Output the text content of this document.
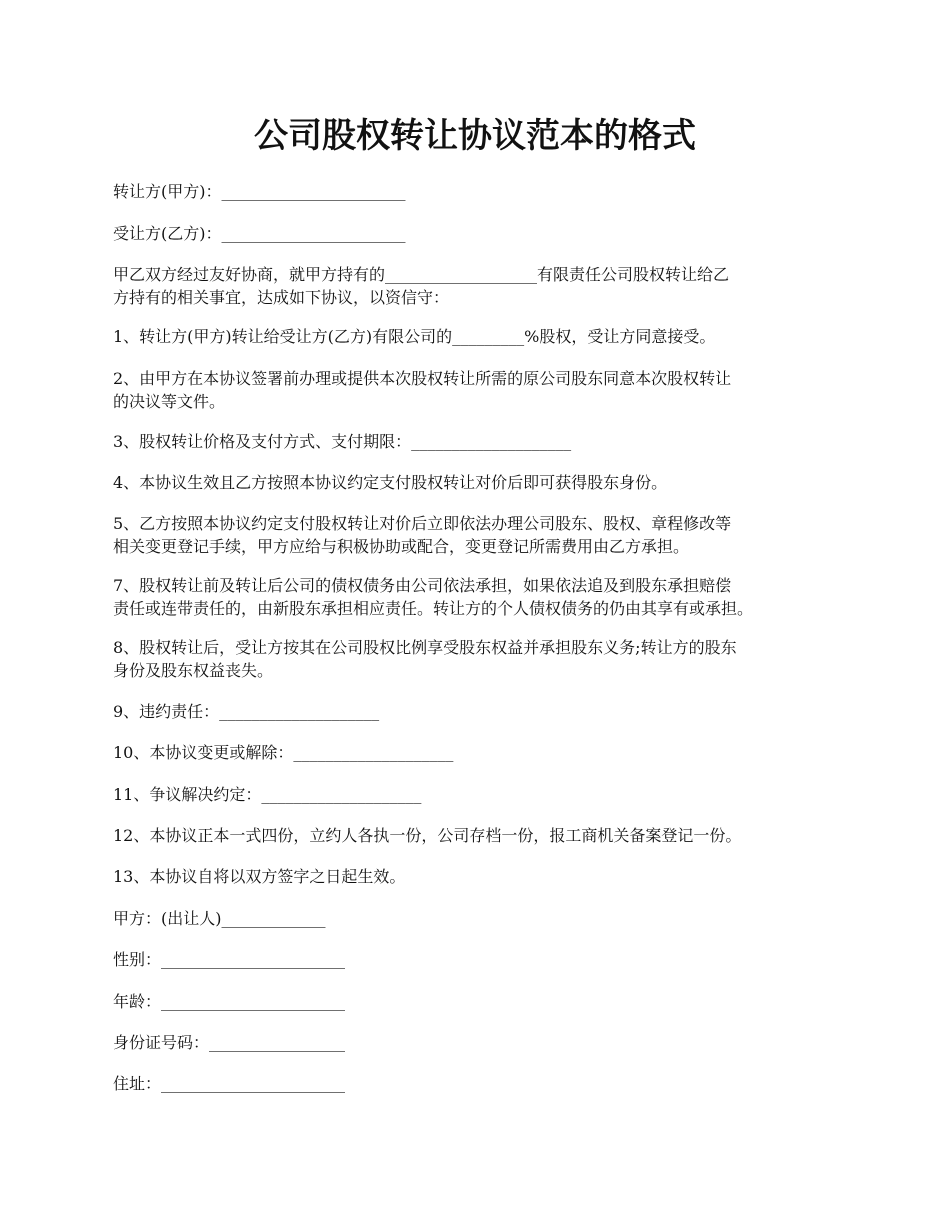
公司股权转让协议范本的格式

转让方(甲方)：_______________________

受让方(乙方)：_______________________

甲乙双方经过友好协商，就甲方持有的___________________有限责任公司股权转让给乙
方持有的相关事宜，达成如下协议，以资信守：

1、转让方(甲方)转让给受让方(乙方)有限公司的_________%股权，受让方同意接受。

2、由甲方在本协议签署前办理或提供本次股权转让所需的原公司股东同意本次股权转让
的决议等文件。

3、股权转让价格及支付方式、支付期限：____________________

4、本协议生效且乙方按照本协议约定支付股权转让对价后即可获得股东身份。

5、乙方按照本协议约定支付股权转让对价后立即依法办理公司股东、股权、章程修改等
相关变更登记手续，甲方应给与积极协助或配合，变更登记所需费用由乙方承担。

7、股权转让前及转让后公司的债权债务由公司依法承担，如果依法追及到股东承担赔偿
责任或连带责任的，由新股东承担相应责任。转让方的个人债权债务的仍由其享有或承担。

8、股权转让后，受让方按其在公司股权比例享受股东权益并承担股东义务;转让方的股东
身份及股东权益丧失。

9、违约责任：____________________

10、本协议变更或解除：____________________

11、争议解决约定：____________________

12、本协议正本一式四份，立约人各执一份，公司存档一份，报工商机关备案登记一份。

13、本协议自将以双方签字之日起生效。

甲方：(出让人)_____________

性别：_______________________

年龄：_______________________

身份证号码：_________________

住址：_______________________
